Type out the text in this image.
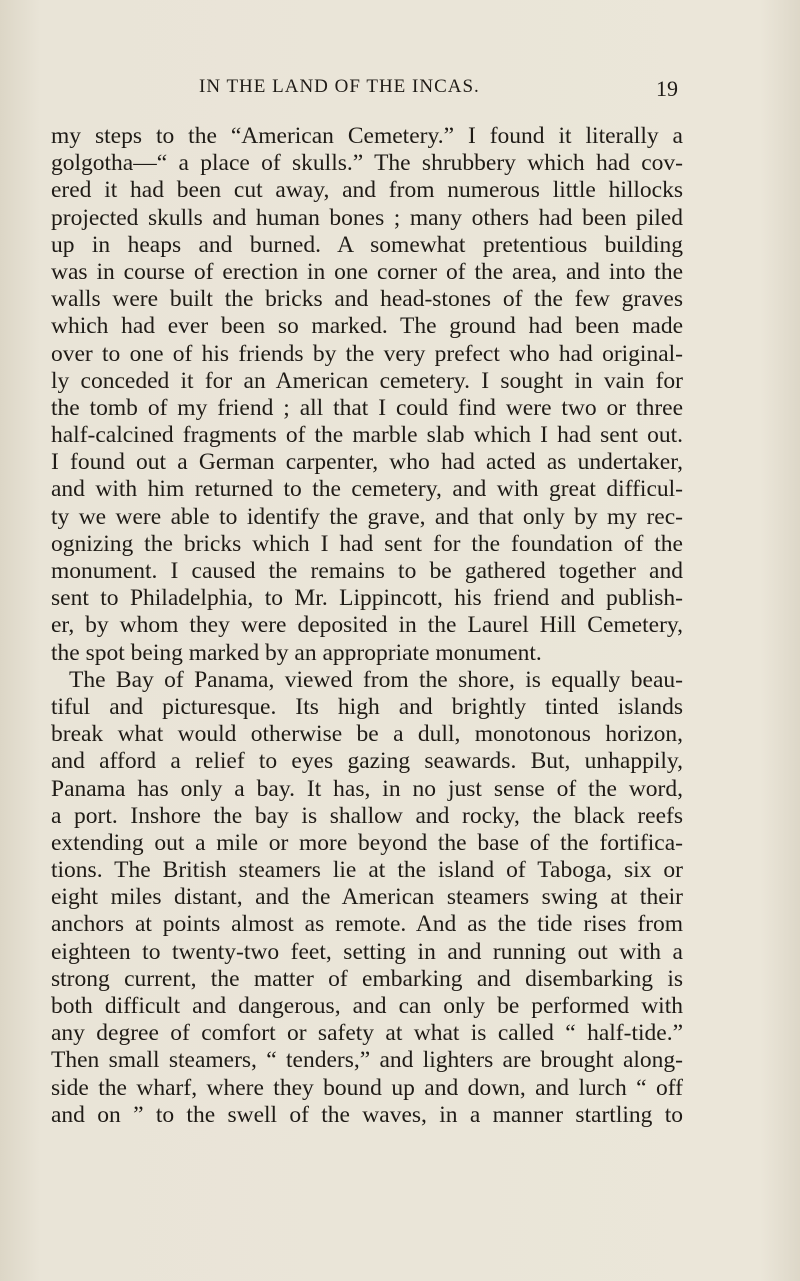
IN THE LAND OF THE INCAS.	19
my steps to the “American Cemetery.” I found it literally a
golgotha—“ a place of skulls.” The shrubbery which had cov-
ered it had been cut away, and from numerous little hillocks
projected skulls and human bones ; many others had been piled
up in heaps and burned. A somewhat pretentious building
was in course of erection in one corner of the area, and into the
walls were built the bricks and head-stones of the few graves
which had ever been so marked. The ground had been made
over to one of his friends by the very prefect who had original-
ly conceded it for an American cemetery. I sought in vain for
the tomb of my friend ; all that I could find were two or three
half-calcined fragments of the marble slab which I had sent out.
I found out a German carpenter, who had acted as undertaker,
and with him returned to the cemetery, and with great difficul-
ty we were able to identify the grave, and that only by my rec-
ognizing the bricks which I had sent for the foundation of the
monument. I caused the remains to be gathered together and
sent to Philadelphia, to Mr. Lippincott, his friend and publish-
er, by whom they were deposited in the Laurel Hill Cemetery,
the spot being marked by an appropriate monument.
The Bay of Panama, viewed from the shore, is equally beau-
tiful and picturesque. Its high and brightly tinted islands
break what would otherwise be a dull, monotonous horizon,
and afford a relief to eyes gazing seawards. But, unhappily,
Panama has only a bay. It has, in no just sense of the word,
a port. Inshore the bay is shallow and rocky, the black reefs
extending out a mile or more beyond the base of the fortifica-
tions. The British steamers lie at the island of Taboga, six or
eight miles distant, and the American steamers swing at their
anchors at points almost as remote. And as the tide rises from
eighteen to twenty-two feet, setting in and running out with a
strong current, the matter of embarking and disembarking is
both difficult and dangerous, and can only be performed with
any degree of comfort or safety at what is called “ half-tide.”
Then small steamers, “ tenders,” and lighters are brought along-
side the wharf, where they bound up and down, and lurch “ off
and on ” to the swell of the waves, in a manner startling to
